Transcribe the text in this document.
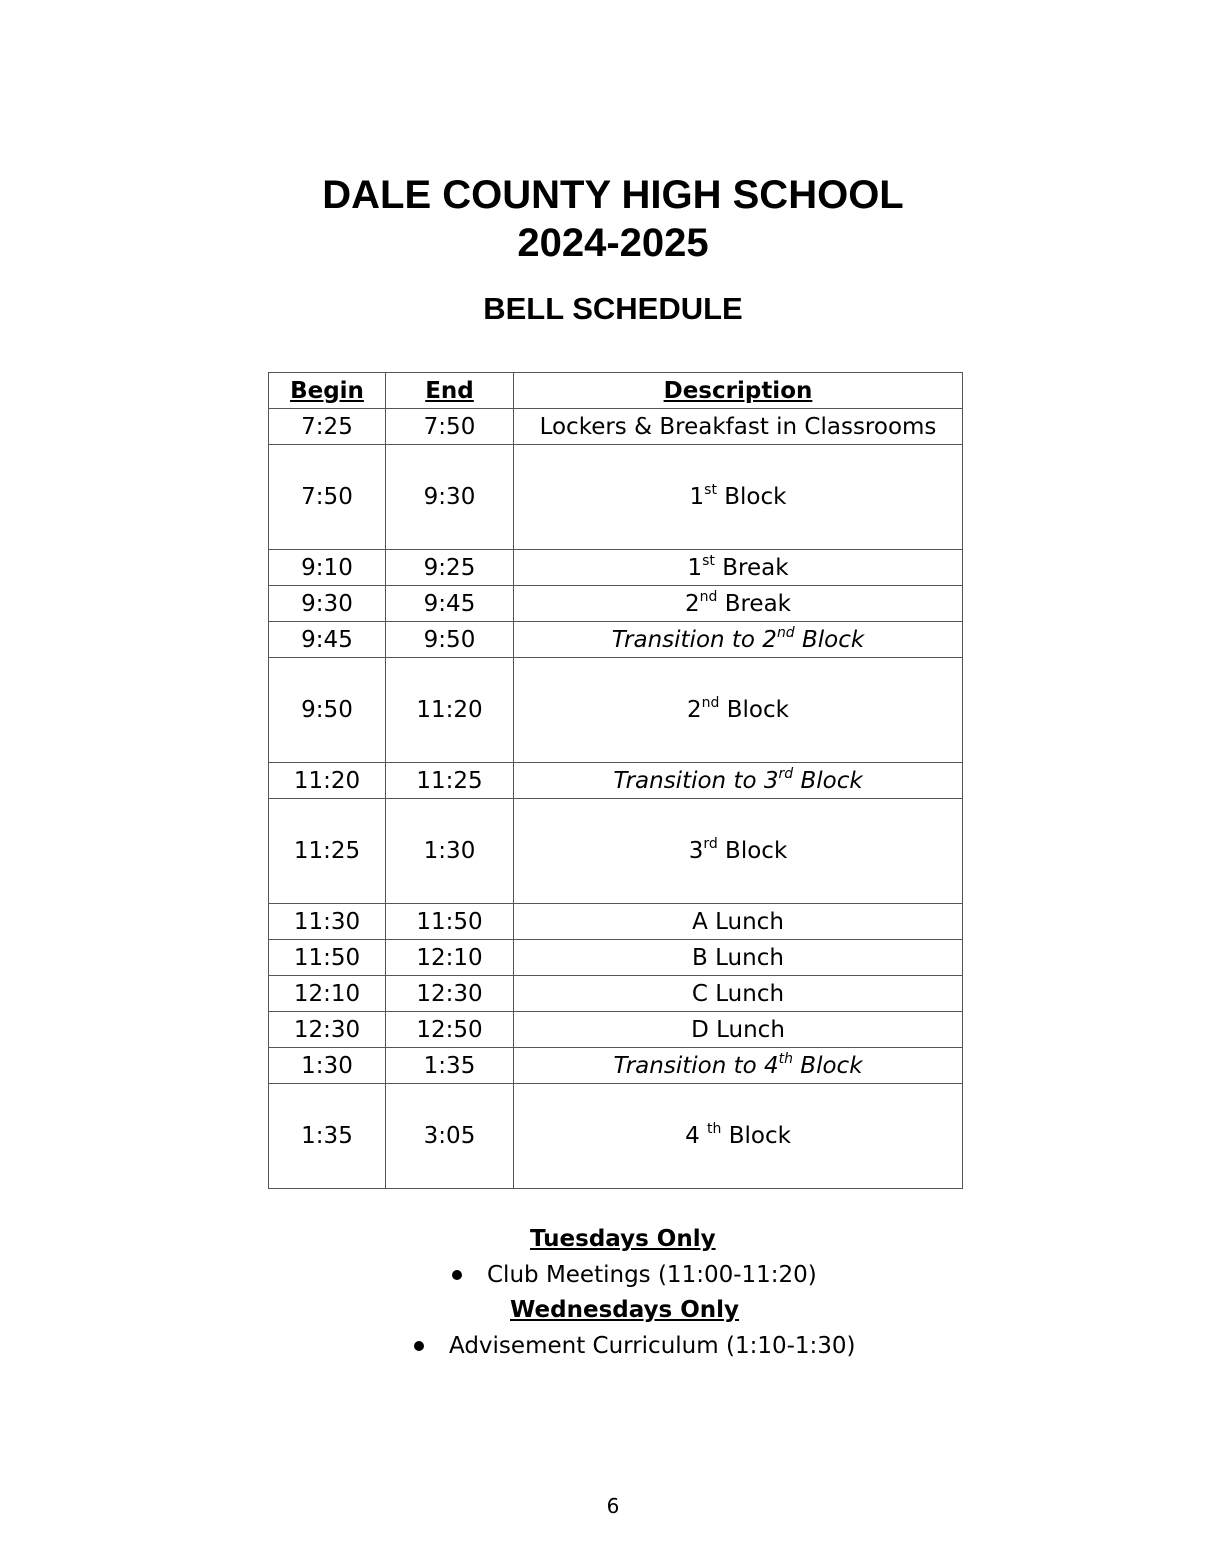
DALE COUNTY HIGH SCHOOL
2024-2025
BELL SCHEDULE
Begin	End	Description
7:25	7:50	Lockers & Breakfast in Classrooms
7:50	9:30	1st Block
9:10	9:25	1st Break
9:30	9:45	2nd Break
9:45	9:50	Transition to 2nd Block
9:50	11:20	2nd Block
11:20	11:25	Transition to 3rd Block
11:25	1:30	3rd Block
11:30	11:50	A Lunch
11:50	12:10	B Lunch
12:10	12:30	C Lunch
12:30	12:50	D Lunch
1:30	1:35	Transition to 4th Block
1:35	3:05	4 $^{th}$ Block
Tuesdays Only
Club Meetings (11:00-11:20)
Wednesdays Only
Advisement Curriculum (1:10-1:30)
6
